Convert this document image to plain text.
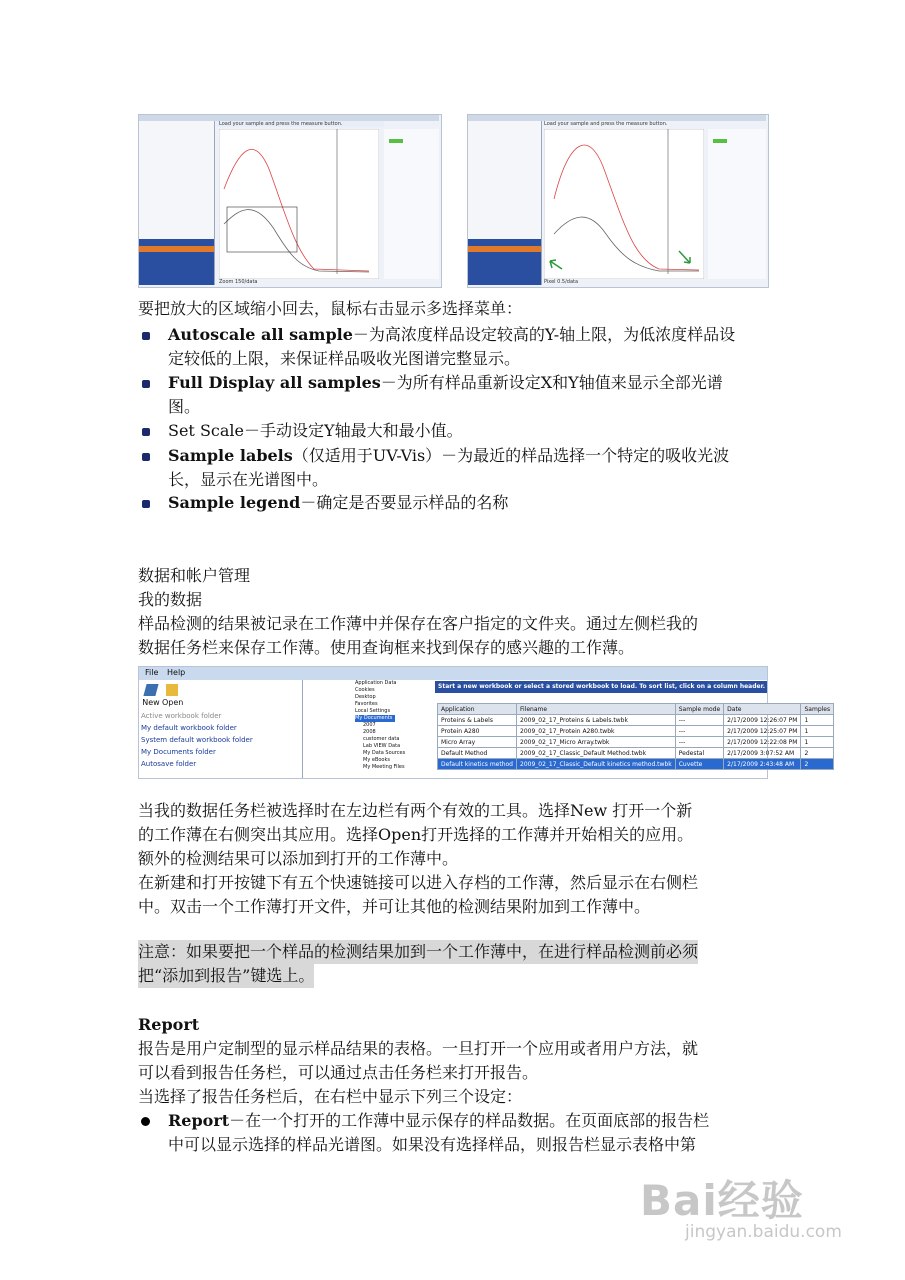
Load your sample and press the measure button.
Zoom 150/data
Load your sample and press the measure button.
Pixel 0.5/data
要把放大的区域缩小回去，鼠标右击显示多选择菜单：
Autoscale all sample－为高浓度样品设定较高的Y-轴上限，为低浓度样品设
定较低的上限，来保证样品吸收光图谱完整显示。
Full Display all samples－为所有样品重新设定X和Y轴值来显示全部光谱
图。
Set Scale－手动设定Y轴最大和最小值。
Sample labels（仅适用于UV-Vis）－为最近的样品选择一个特定的吸收光波
长，显示在光谱图中。
Sample legend－确定是否要显示样品的名称
数据和帐户管理
我的数据
样品检测的结果被记录在工作薄中并保存在客户指定的文件夹。通过左侧栏我的
数据任务栏来保存工作薄。使用查询框来找到保存的感兴趣的工作薄。
File Help
New Open
Active workbook folder
My default workbook folder
System default workbook folder
My Documents folder
Autosave folder
Application Data
Cookies
Desktop
Favorites
Local Settings
My Documents
2007
2008
customer data
Lab VIEW Data
My Data Sources
My eBooks
My Meeting Files
Start a new workbook or select a stored workbook to load. To sort list, click on a column header.
Application	Filename	Sample mode	Date	Samples
Proteins & Labels	2009_02_17_Proteins & Labels.twbk	---	2/17/2009 12:26:07 PM	1
Protein A280	2009_02_17_Protein A280.twbk	---	2/17/2009 12:25:07 PM	1
Micro Array	2009_02_17_Micro Array.twbk	---	2/17/2009 12:22:08 PM	1
Default Method	2009_02_17_Classic_Default Method.twbk	Pedestal	2/17/2009 3:07:52 AM	2
Default kinetics method	2009_02_17_Classic_Default kinetics method.twbk	Cuvette	2/17/2009 2:43:48 AM	2
当我的数据任务栏被选择时在左边栏有两个有效的工具。选择New 打开一个新
的工作薄在右侧突出其应用。选择Open打开选择的工作薄并开始相关的应用。
额外的检测结果可以添加到打开的工作薄中。
在新建和打开按键下有五个快速链接可以进入存档的工作薄，然后显示在右侧栏
中。双击一个工作薄打开文件，并可让其他的检测结果附加到工作薄中。
注意：如果要把一个样品的检测结果加到一个工作薄中，在进行样品检测前必须
把“添加到报告”键选上。
Report
报告是用户定制型的显示样品结果的表格。一旦打开一个应用或者用户方法，就
可以看到报告任务栏，可以通过点击任务栏来打开报告。
当选择了报告任务栏后，在右栏中显示下列三个设定：
Report－在一个打开的工作薄中显示保存的样品数据。在页面底部的报告栏
中可以显示选择的样品光谱图。如果没有选择样品，则报告栏显示表格中第
Bai经验
jingyan.baidu.com
